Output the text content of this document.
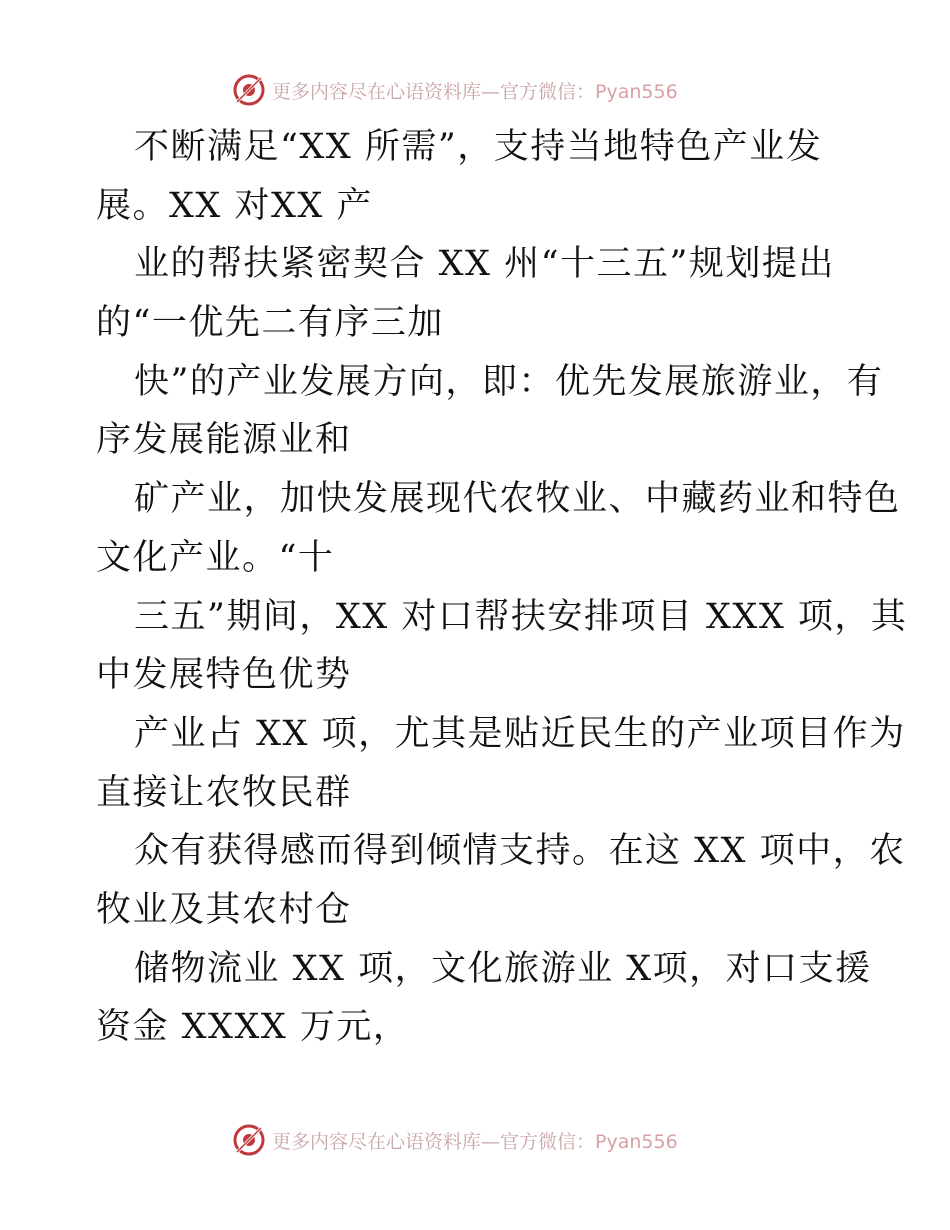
更多内容尽在心语资料库—官方微信：Pyan556
不断满足“XX 所需”，支持当地特色产业发
展。XX 对XX 产
业的帮扶紧密契合 XX 州“十三五”规划提出
的“一优先二有序三加
快”的产业发展方向，即：优先发展旅游业，有
序发展能源业和
矿产业，加快发展现代农牧业、中藏药业和特色
文化产业。“十
三五”期间，XX 对口帮扶安排项目 XXX 项，其
中发展特色优势
产业占 XX 项，尤其是贴近民生的产业项目作为
直接让农牧民群
众有获得感而得到倾情支持。在这 XX 项中，农
牧业及其农村仓
储物流业 XX 项，文化旅游业 X项，对口支援
资金 XXXX 万元，
更多内容尽在心语资料库—官方微信：Pyan556
